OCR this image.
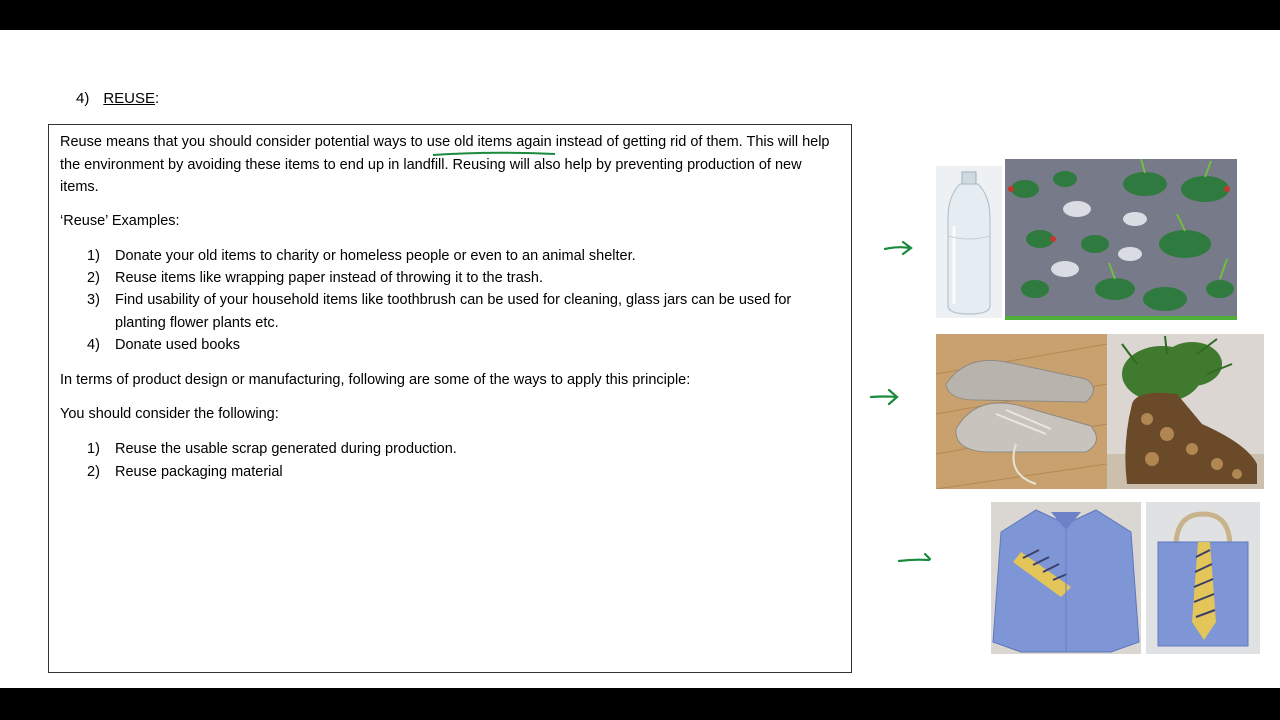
4) REUSE:

Reuse means that you should consider potential ways to use old items again
instead of getting rid of them. This will help the environment by avoiding these items to end up in landfill. Reusing will also help by preventing production of new items.

‘Reuse’ Examples:

1)	Donate your old items to charity or homeless people or even to an animal shelter.
2)	Reuse items like wrapping paper instead of throwing it to the trash.
3)	Find usability of your household items like toothbrush can be used for cleaning, glass jars can be used for planting flower plants etc.
4)	Donate used books

In terms of product design or manufacturing, following are some of the ways to apply this principle:

You should consider the following:

1)	Reuse the usable scrap generated during production.
2)	Reuse packaging material
